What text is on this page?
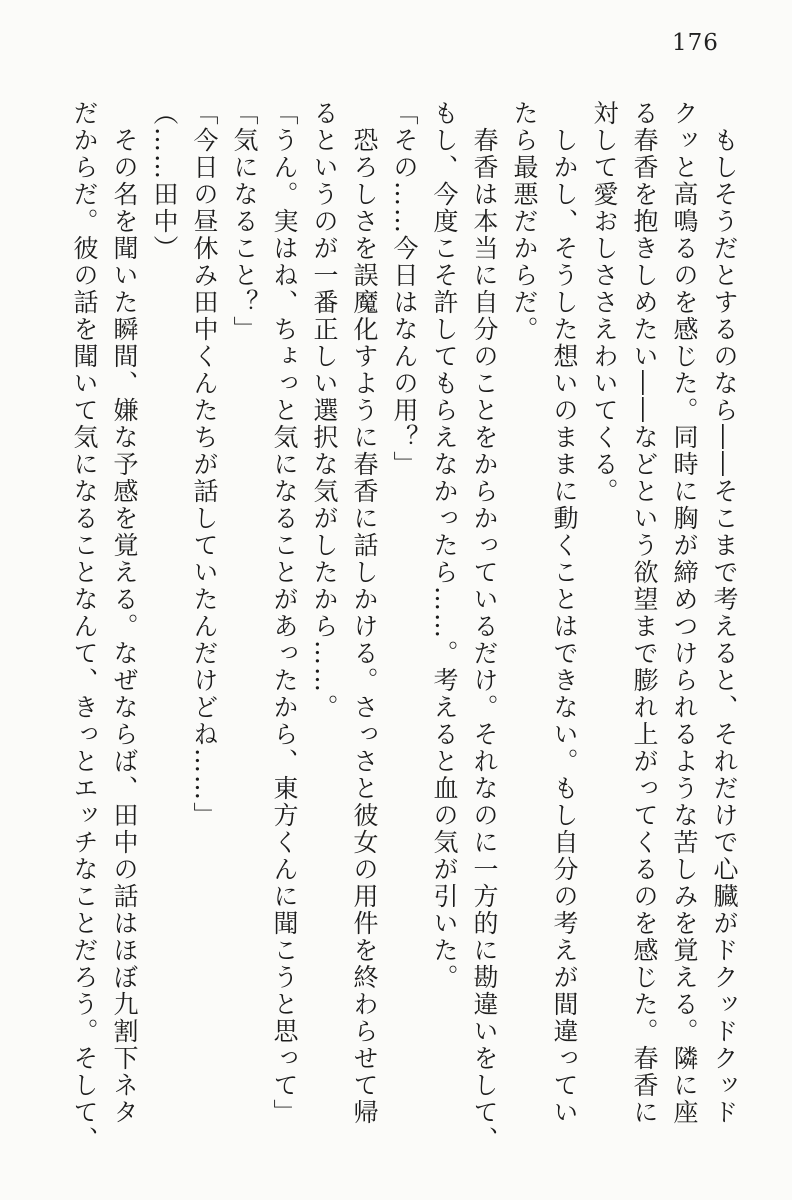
176
　もしそうだとするのなら――そこまで考えると、それだけで心臓がドクッドクッド
クッと高鳴るのを感じた。同時に胸が締めつけられるような苦しみを覚える。隣に座
る春香を抱きしめたい――などという欲望まで膨れ上がってくるのを感じた。春香に
対して愛おしささえわいてくる。
　しかし、そうした想いのままに動くことはできない。もし自分の考えが間違ってい
たら最悪だからだ。
　春香は本当に自分のことをからかっているだけ。それなのに一方的に勘違いをして、
もし、今度こそ許してもらえなかったら……。考えると血の気が引いた。
「その……今日はなんの用？」
　恐ろしさを誤魔化すように春香に話しかける。さっさと彼女の用件を終わらせて帰
るというのが一番正しい選択な気がしたから……。
「うん。実はね、ちょっと気になることがあったから、東方くんに聞こうと思って」
「気になること？」
「今日の昼休み田中くんたちが話していたんだけどね……」
（……田中）
　その名を聞いた瞬間、嫌な予感を覚える。なぜならば、田中の話はほぼ九割下ネタ
だからだ。彼の話を聞いて気になることなんて、きっとエッチなことだろう。そして、
